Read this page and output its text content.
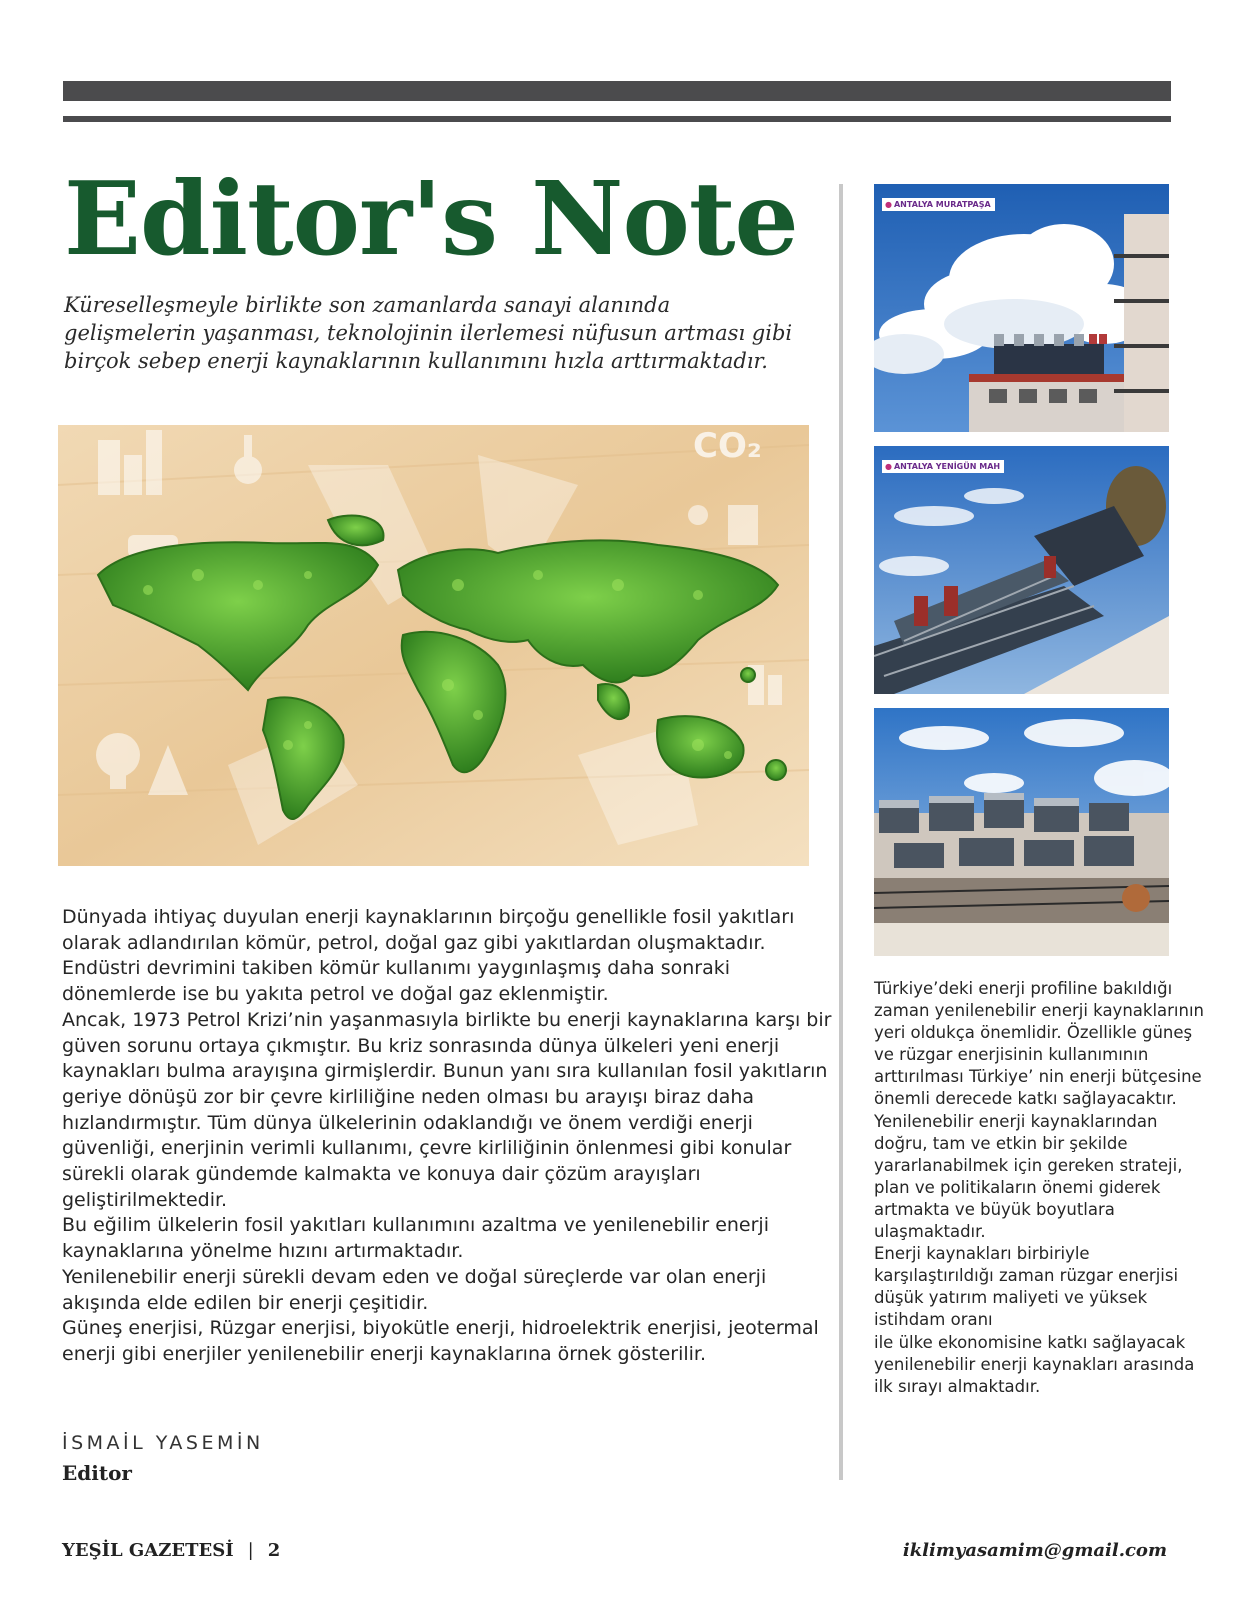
Editor's Note

Küreselleşmeyle birlikte son zamanlarda sanayi alanında gelişmelerin yaşanması, teknolojinin ilerlemesi nüfusun artması gibi birçok sebep enerji kaynaklarının kullanımını hızla arttırmaktadır.

CO₂

Dünyada ihtiyaç duyulan enerji kaynaklarının birçoğu genellikle fosil yakıtları olarak adlandırılan kömür, petrol, doğal gaz gibi yakıtlardan oluşmaktadır. Endüstri devrimini takiben kömür kullanımı yaygınlaşmış daha sonraki dönemlerde ise bu yakıta petrol ve doğal gaz eklenmiştir.

Ancak, 1973 Petrol Krizi’nin yaşanmasıyla birlikte bu enerji kaynaklarına karşı bir güven sorunu ortaya çıkmıştır. Bu kriz sonrasında dünya ülkeleri yeni enerji kaynakları bulma arayışına girmişlerdir. Bunun yanı sıra kullanılan fosil yakıtların geriye dönüşü zor bir çevre kirliliğine neden olması bu arayışı biraz daha hızlandırmıştır. Tüm dünya ülkelerinin odaklandığı ve önem verdiği enerji güvenliği, enerjinin verimli kullanımı, çevre kirliliğinin önlenmesi gibi konular sürekli olarak gündemde kalmakta ve konuya dair çözüm arayışları geliştirilmektedir.

Bu eğilim ülkelerin fosil yakıtları kullanımını azaltma ve yenilenebilir enerji kaynaklarına yönelme hızını artırmaktadır.

Yenilenebilir enerji sürekli devam eden ve doğal süreçlerde var olan enerji akışında elde edilen bir enerji çeşitidir.

Güneş enerjisi, Rüzgar enerjisi, biyokütle enerji, hidroelektrik enerjisi, jeotermal enerji gibi enerjiler yenilenebilir enerji kaynaklarına örnek gösterilir.

İSMAİL YASEMİN
Editor
● ANTALYA MURATPAŞA
● ANTALYA YENİGÜN MAH

Türkiye’deki enerji profiline bakıldığı zaman yenilenebilir enerji kaynaklarının yeri oldukça önemlidir. Özellikle güneş ve rüzgar enerjisinin kullanımının arttırılması Türkiye’ nin enerji bütçesine önemli derecede katkı sağlayacaktır.

Yenilenebilir enerji kaynaklarından doğru, tam ve etkin bir şekilde yararlanabilmek için gereken strateji, plan ve politikaların önemi giderek artmakta ve büyük boyutlara ulaşmaktadır.

Enerji kaynakları birbiriyle karşılaştırıldığı zaman rüzgar enerjisi düşük yatırım maliyeti ve yüksek istihdam oranı

ile ülke ekonomisine katkı sağlayacak yenilenebilir enerji kaynakları arasında ilk sırayı almaktadır.

YEŞİL GAZETESİ | 2	iklimyasamim@gmail.com
